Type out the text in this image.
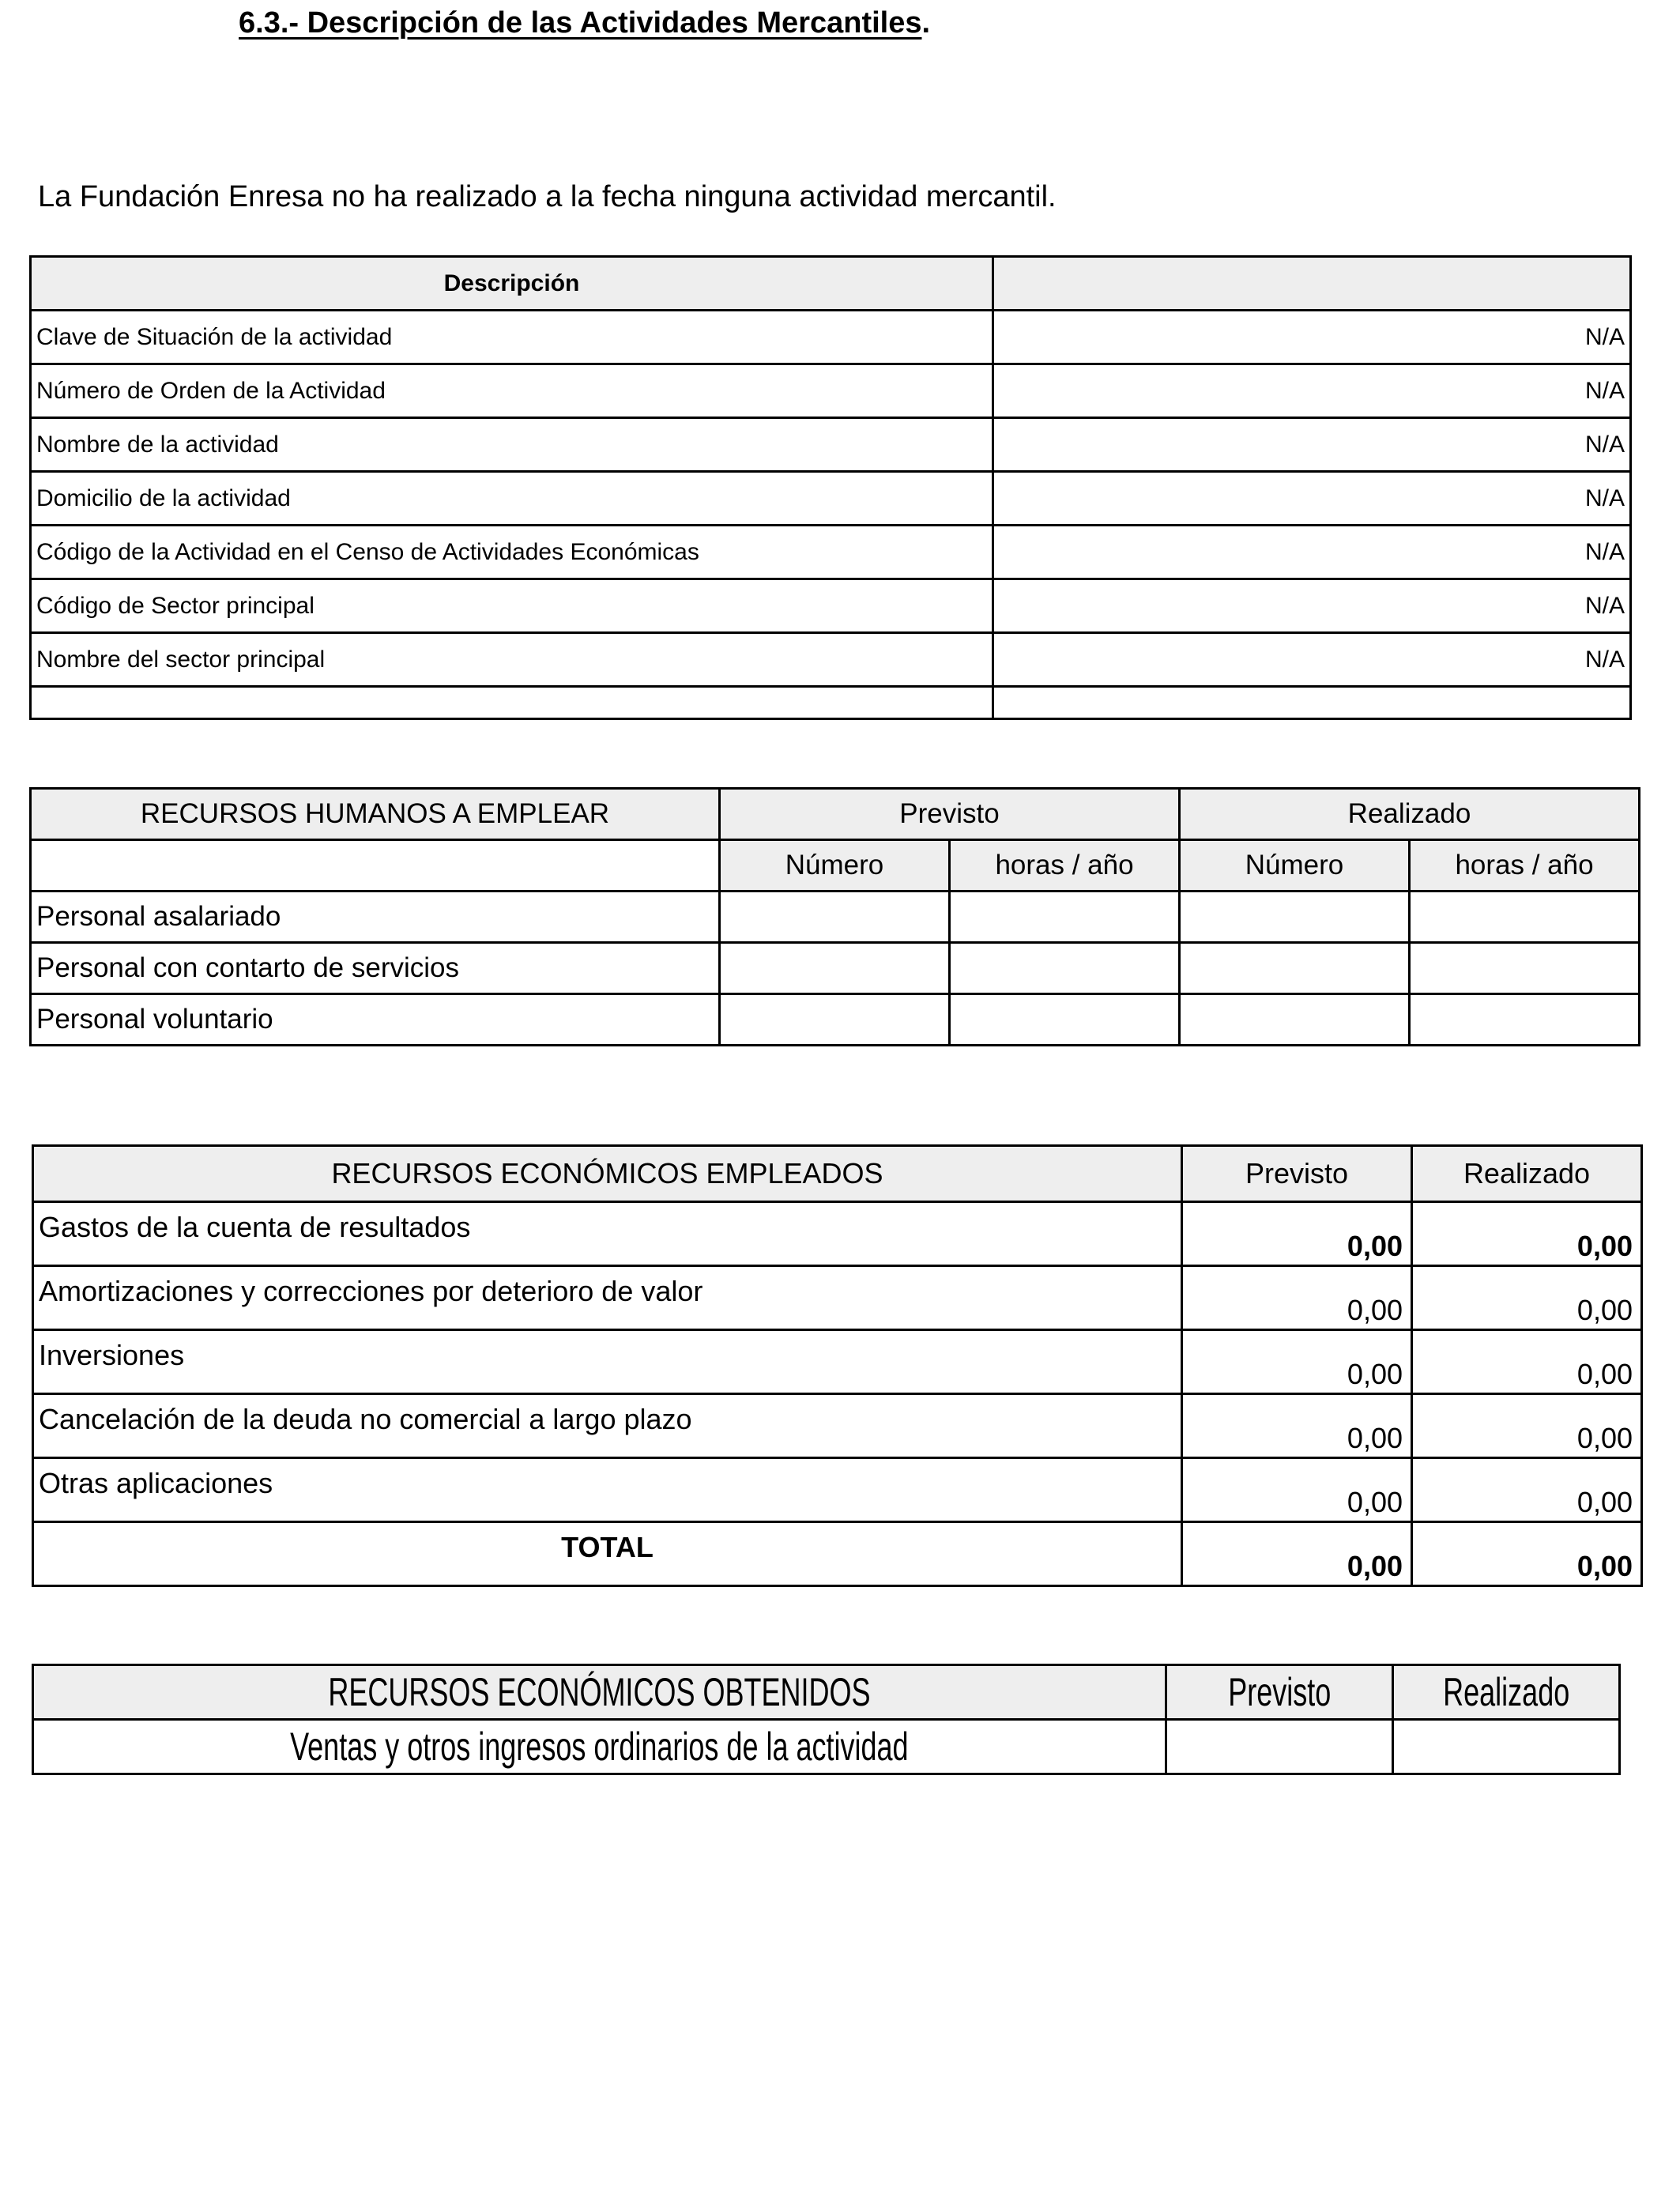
6.3.- Descripción de las Actividades Mercantiles.
La Fundación Enresa no ha realizado a la fecha ninguna actividad mercantil.
Descripción	
Clave de Situación de la actividad	N/A
Número de Orden de la Actividad	N/A
Nombre de la actividad	N/A
Domicilio de la actividad	N/A
Código de la Actividad en el Censo de Actividades Económicas	N/A
Código de Sector principal	N/A
Nombre del sector principal	N/A

RECURSOS HUMANOS A EMPLEAR	Previsto		Realizado	
	Número	horas / año	Número	horas / año
Personal asalariado				
Personal con contarto de servicios				
Personal voluntario				
RECURSOS ECONÓMICOS EMPLEADOS	Previsto	Realizado
Gastos de la cuenta de resultados	0,00	0,00
Amortizaciones y correcciones por deterioro de valor	0,00	0,00
Inversiones	0,00	0,00
Cancelación de la deuda no comercial a largo plazo	0,00	0,00
Otras aplicaciones	0,00	0,00
TOTAL	0,00	0,00
RECURSOS ECONÓMICOS OBTENIDOS	Previsto	Realizado
Ventas y otros ingresos ordinarios de la actividad		
